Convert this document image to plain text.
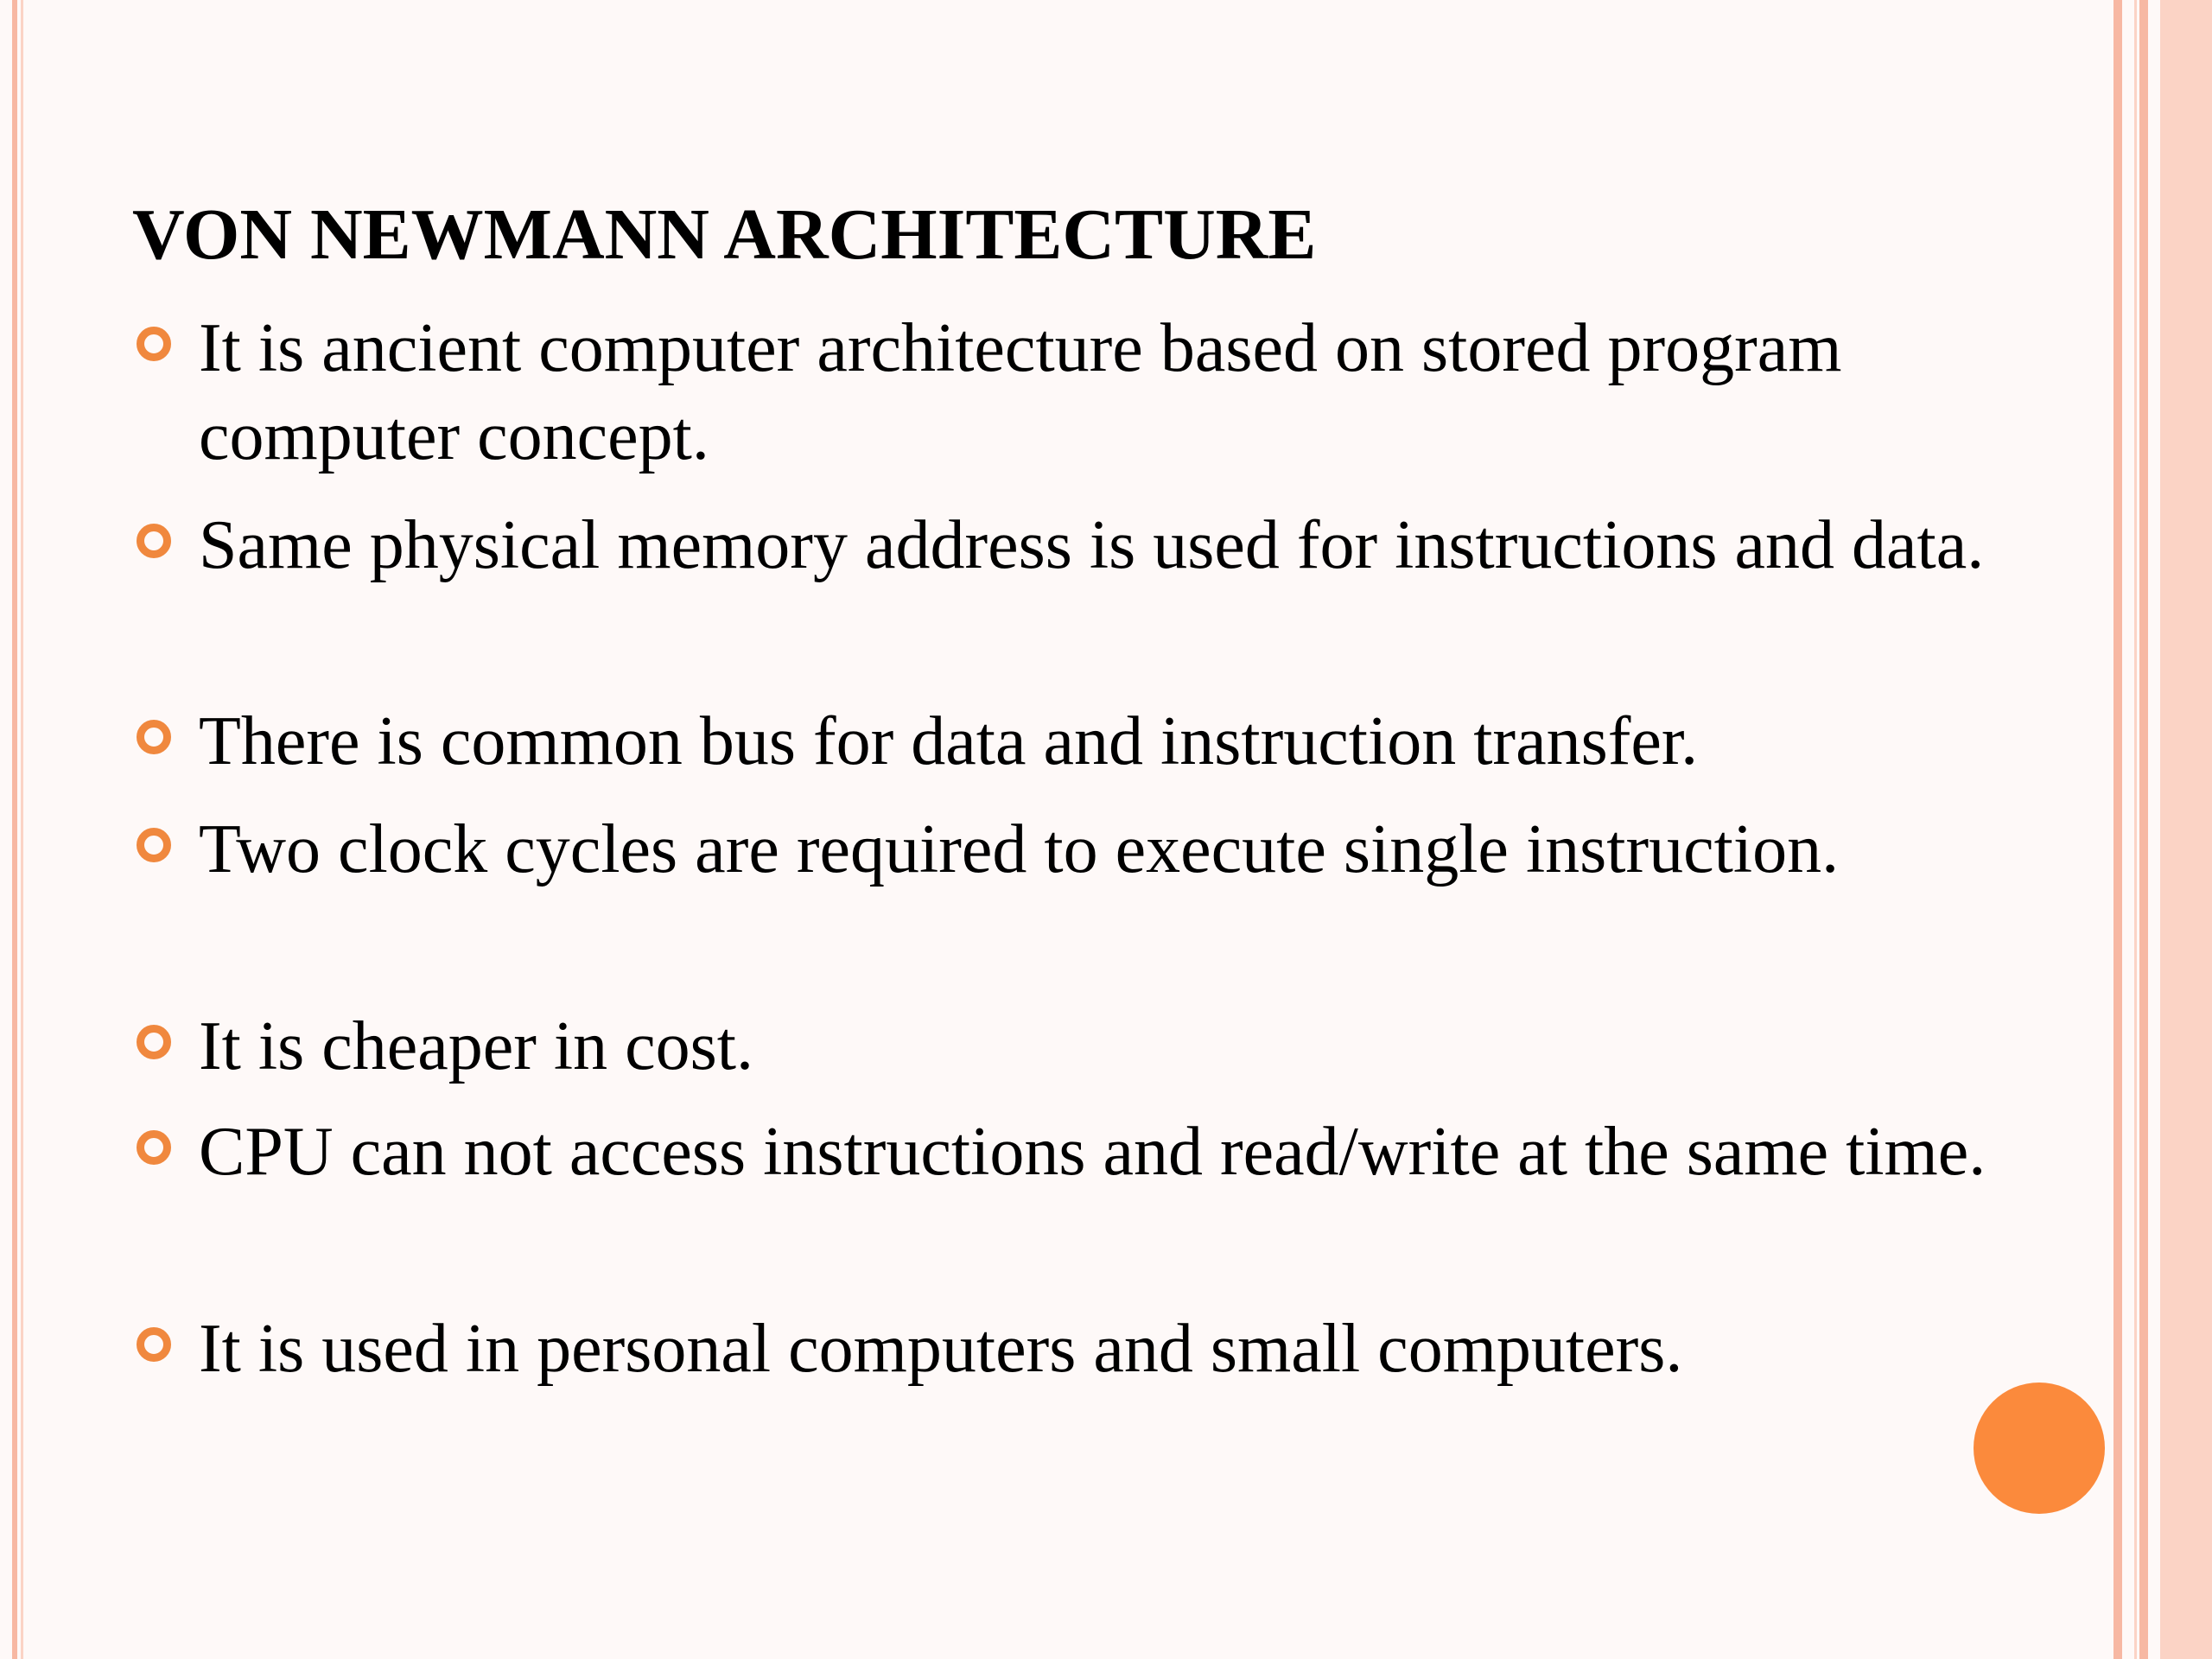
VON NEWMANN ARCHITECTURE

It is ancient computer architecture based on stored program computer concept.

Same physical memory address is used for instructions and data.

There is common bus for data and instruction transfer.

Two clock cycles are required to execute single instruction.

It is cheaper in cost.

CPU can not access instructions and read/write at the same time.

It is used in personal computers and small computers.
